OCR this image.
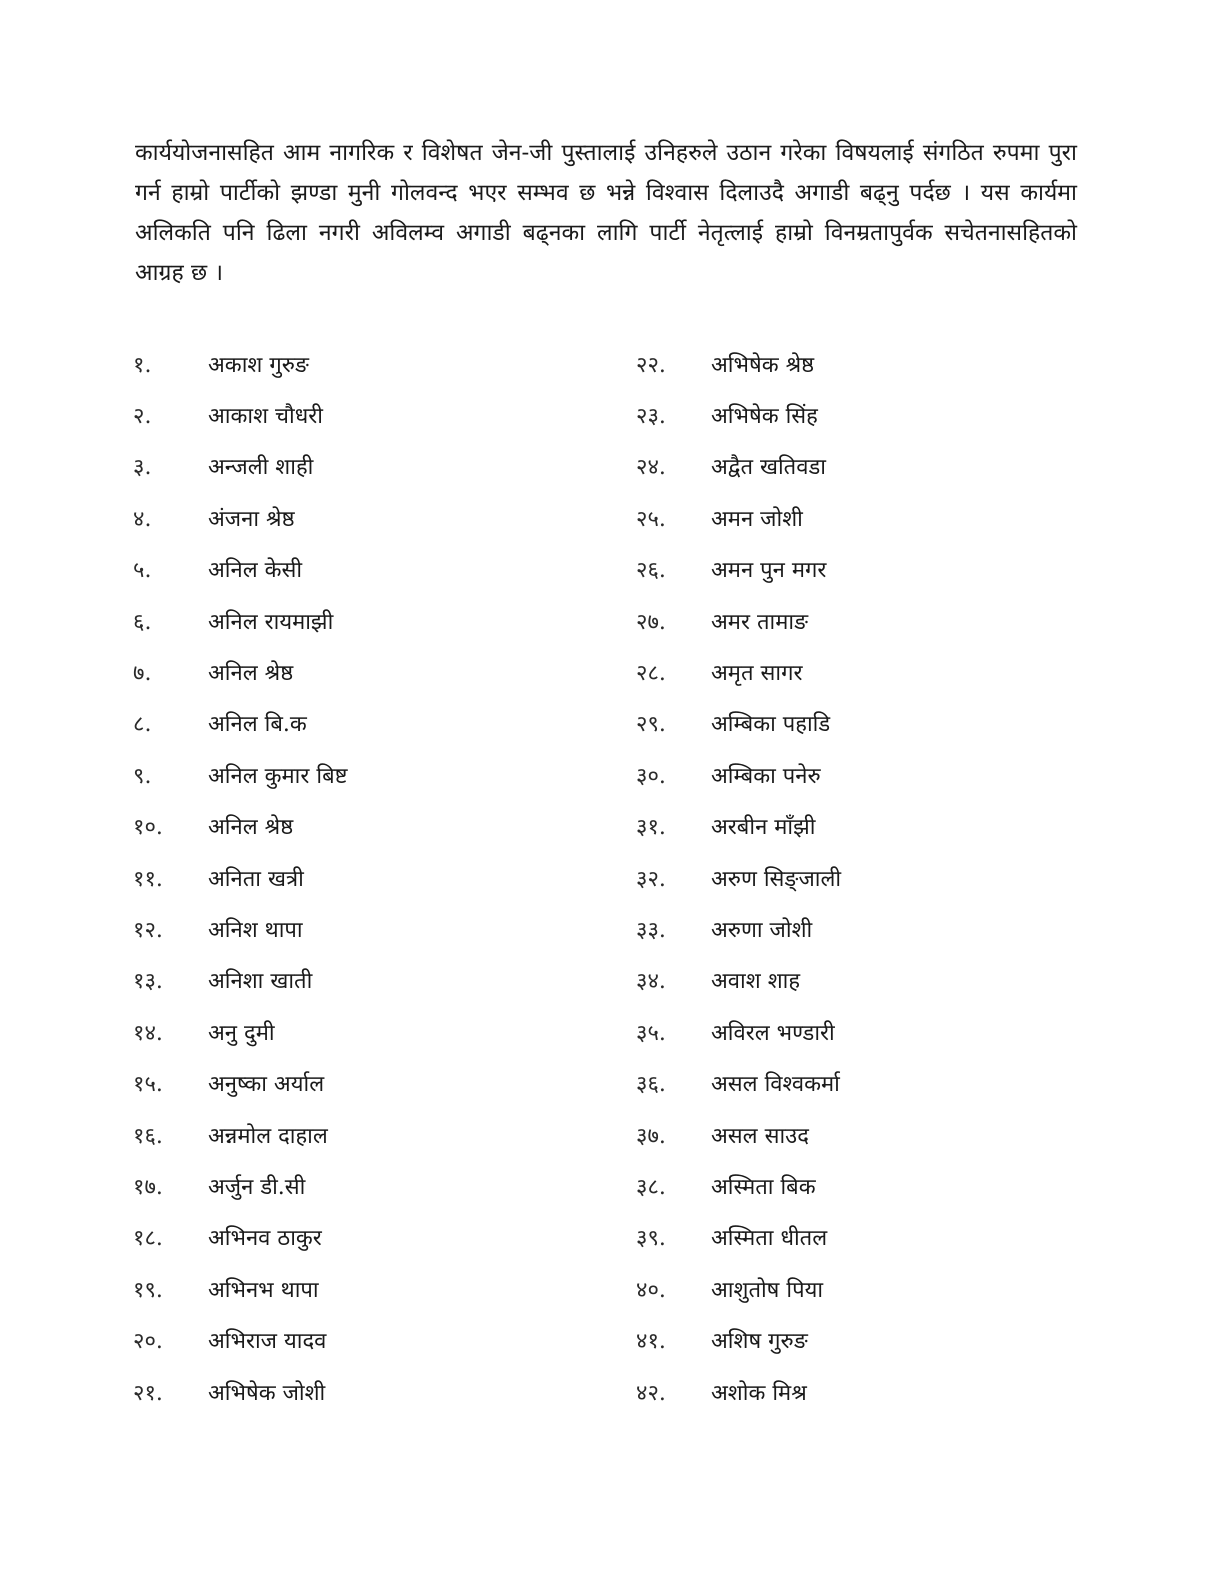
कार्ययोजनासहित आम नागरिक र विशेषत जेन-जी पुस्तालाई उनिहरुले उठान गरेका विषयलाई संगठित रुपमा पुरा गर्न हाम्रो पार्टीको झण्डा मुनी गोलवन्द भएर सम्भव छ भन्ने विश्वास दिलाउदै अगाडी बढ्नु पर्दछ । यस कार्यमा अलिकति पनि ढिला नगरी अविलम्व अगाडी बढ्नका लागि पार्टी नेतृत्लाई हाम्रो विनम्रतापुर्वक सचेतनासहितको आग्रह छ ।

१.	अकाश गुरुङ
२.	आकाश चौधरी
३.	अन्जली शाही
४.	अंजना श्रेष्ठ
५.	अनिल केसी
६.	अनिल रायमाझी
७.	अनिल श्रेष्ठ
८.	अनिल बि.क
९.	अनिल कुमार बिष्ट
१०.	अनिल श्रेष्ठ
११.	अनिता खत्री
१२.	अनिश थापा
१३.	अनिशा खाती
१४.	अनु दुमी
१५.	अनुष्का अर्याल
१६.	अन्नमोल दाहाल
१७.	अर्जुन डी.सी
१८.	अभिनव ठाकुर
१९.	अभिनभ थापा
२०.	अभिराज यादव
२१.	अभिषेक जोशी
२२.	अभिषेक श्रेष्ठ
२३.	अभिषेक सिंह
२४.	अद्वैत खतिवडा
२५.	अमन जोशी
२६.	अमन पुन मगर
२७.	अमर तामाङ
२८.	अमृत सागर
२९.	अम्बिका पहाडि
३०.	अम्बिका पनेरु
३१.	अरबीन माँझी
३२.	अरुण सिङ्जाली
३३.	अरुणा जोशी
३४.	अवाश शाह
३५.	अविरल भण्डारी
३६.	असल विश्वकर्मा
३७.	असल साउद
३८.	अस्मिता बिक
३९.	अस्मिता धीतल
४०.	आशुतोष पिया
४१.	अशिष गुरुङ
४२.	अशोक मिश्र
